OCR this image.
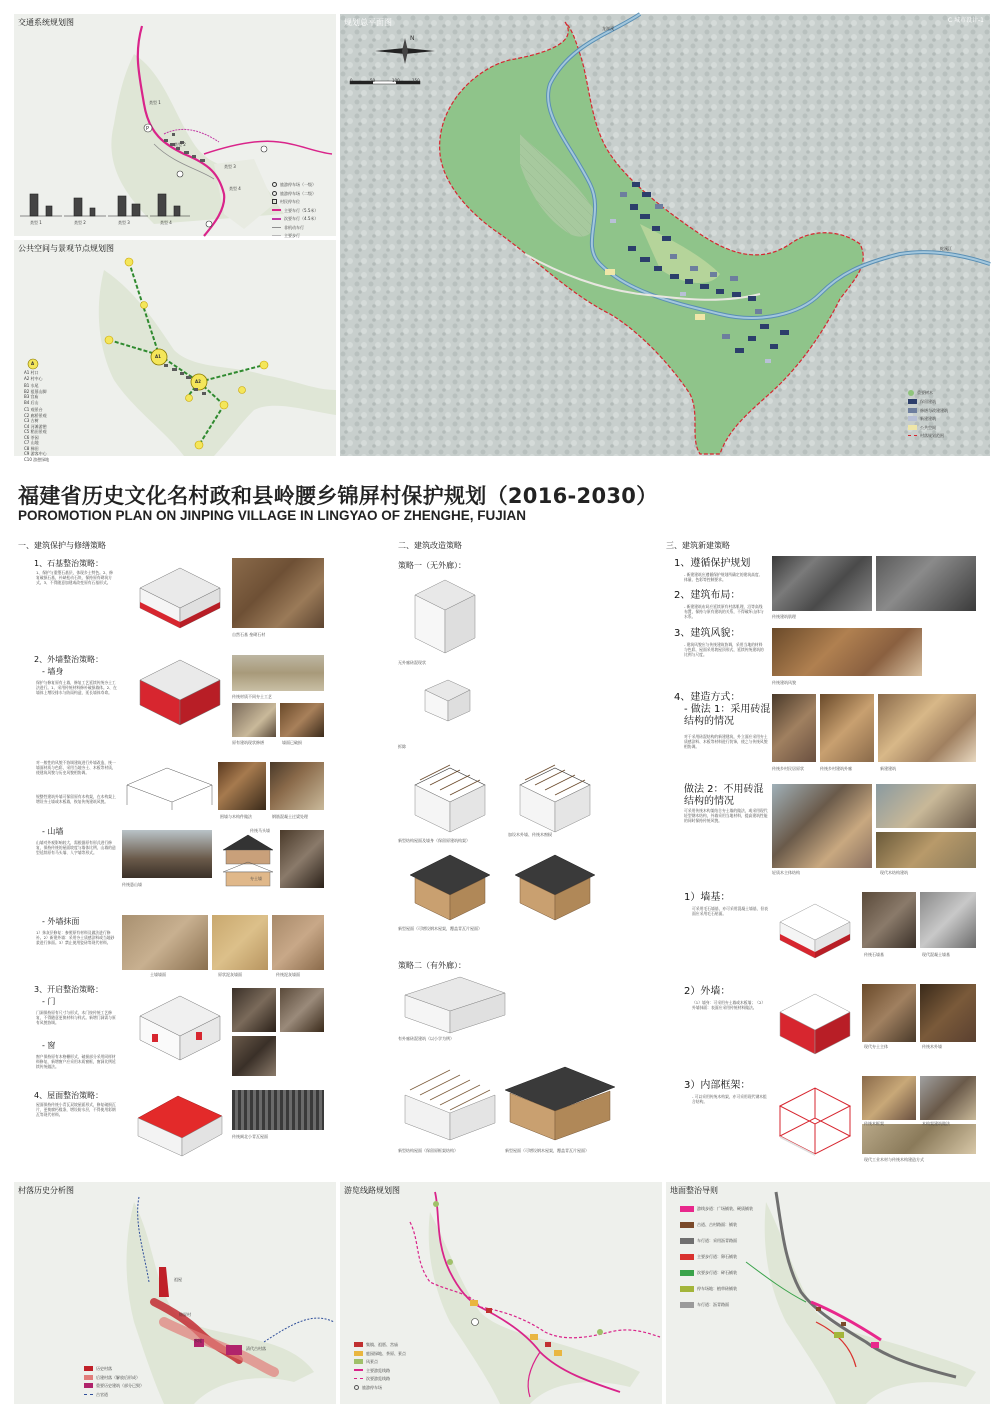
P
交通系统规划图
类型 1
类型 2
类型 3
类型 4
类型 1	类型 2	类型 3	类型 4
旅游停车场（一级）
旅游停车场（二级）
村民停车位
主要车行（5.5米）
次要车行（4.5米）
非机动车行
主要步行
公共空间与景观节点规划图
A
A1
A2
A1 村口
A2 村中心
B1 水尾
B2 祖墓山脚
B3 宫庙
B4 后山
C1 观景台
C2 廊桥景观
C3 古树
C4 河滩游憩
C5 稻田景观
C6 茶园
C7 山地
C8 梯田
C9 游客中心
C10 游憩绿地
规划总平面图	C 城市设计-1
N
0	50	100	150
龙湖溪
蛇溪江
重要树木
保留建筑
修缮与改建建筑
新建建筑
公共空间
村落规划范围
福建省历史文化名村政和县岭腰乡锦屏村保护规划（2016-2030）
POROMOTION PLAN ON JINPING VILLAGE IN LINGYAO OF ZHENGHE, FUJIAN
一、建筑保护与修缮策略
1、石基整治策略：
1、保护与重塑石基层，体现乡土特色。2、修复破损石基，补缺松动石块，保持原有砌筑方式。3、不得随意加建或改变原有石基形式。
自然石基 垒砌石材
2、外墙整治策略：
- 墙身
保护与修复原有土墙，修复工艺延续传统夯土工法进行。1、采用传统材料修补破损墙体。2、在墙体上增设排水与防雨构造，延长墙体寿命。
传统材质不同夯土工艺
原有建筑现状修缮	墙面已破损
对一般性的风貌不协调建筑进行外墙改造，统一墙面材质与色彩，采用当地夯土、木板等材质，使建筑风貌与历史风貌相协调。
规整性建筑外墙可保留原有木构架，在木构架上增设夯土墙或木板墙，恢复传统建筑风貌。
围墙与木构件做法	钢筋混凝土过梁处理
- 山墙
山墙对外观影响较大，需根据原有形式进行修复，保持传统的屋面坡度与墙体比例，山墙的造型延续原有马头墙、人字墙等形式。
传统悬山墙
传统马头墙
夯土墙
- 外墙抹面
1）抹灰层修复：参照原有材料及做法进行修补。2）新建外墙：采用夯土质感涂料或当地砂浆进行抹面。3）禁止使用瓷砖等现代材料。
土墙墙面	原状泥灰墙面	传统泥灰墙面
3、开启整治策略：
- 门
门洞保持原有尺寸与形式，木门按传统工艺修复，不得随意更换材料与样式。新增门洞需与原有风貌协调。
- 窗
窗户保持原有木格栅形式，破损部分采用同样材料修复，新增窗户应采用木质窗框，窗洞比例延续传统做法。
4、屋面整治策略：
屋面保持传统小青瓦双坡屋面形式，修复破损瓦片，更换腐朽椽条，增设防水层，不得使用彩钢瓦等现代材料。
传统闽北小青瓦屋面
二、建筑改造策略
策略一（无外廊）：
无外廊砖混现状
拆除
新型结构屋面及墙身（保留原建筑构架）
加设木外墙、传统木窗棂
新型屋面（可增设钢木屋架，覆盖青瓦片屋面）
策略二（有外廊）：
有外廊砖混建筑（以小学为例）
新型结构屋面（保留原框架结构）	新型屋面（可增设钢木屋架，覆盖青瓦片屋面）
三、建筑新建策略
1、遵循保护规划
- 新建建筑应遵循保护规划所确定的建筑高度、体量、色彩等控制要求。
传统建筑肌理
2、建筑布局：
- 新建建筑布局应延续原有村落肌理，沿等高线布置，保持与原有建筑的关系，不得破坏山体与水系。
3、建筑风貌：
- 建筑风貌应与传统建筑协调，采用当地的材料与色彩，屋面采用坡屋顶形式，延续传统建筑的比例与尺度。
传统建筑风貌
4、建造方式：
- 做法 1：采用砖混结构的情况
对于采用砖混结构的新建建筑，外立面应采用夯土质感涂料、木板等材料进行装饰，使之与传统风貌相协调。
传统乡村民居原状	传统乡村建筑外廊	新建建筑
做法 2：不用砖混结构的情况
可采用传统木构架结合夯土墙的做法，或采用现代轻型钢木结构，外墙采用当地材料，提高建筑性能的同时保持传统风貌。
轻质木主体结构	现代木结构建筑
1）墙基：
可采用毛石墙基，亦可采用混凝土墙基，但表面应采用毛石贴面。
传统石墙基	现代混凝土墙基
2）外墙：
（1）墙身：可采用夯土墙或木板墙；（2）外墙抹面：表面应采用传统材料做法。
现代夯土主体	传统木外墙
3）内部框架：
- 可以采用传统木构架，亦可采用现代钢木组合结构。
传统木框架	木构架建筑做法
现代工业木材与传统木构建造方式
村落历史分析图
祖屋
锦屏村
水尾
清代古村落
历史村落
后建村落（解放后形成）
重要历史建筑（部分已毁）
古官道
游览线路规划图
集镇、祖厝、宫庙
庭园绿地、茶原、景点
风景点
主要游览线路
次要游览线路
旅游停车场
地面整治导则
游线步道：广场铺装、硬质铺装
古道、古村路面：铺装
车行道：采用沥青路面
主要步行道：卵石铺装
次要步行道：碎石铺装
停车场地：植草砖铺装
车行道：沥青路面
